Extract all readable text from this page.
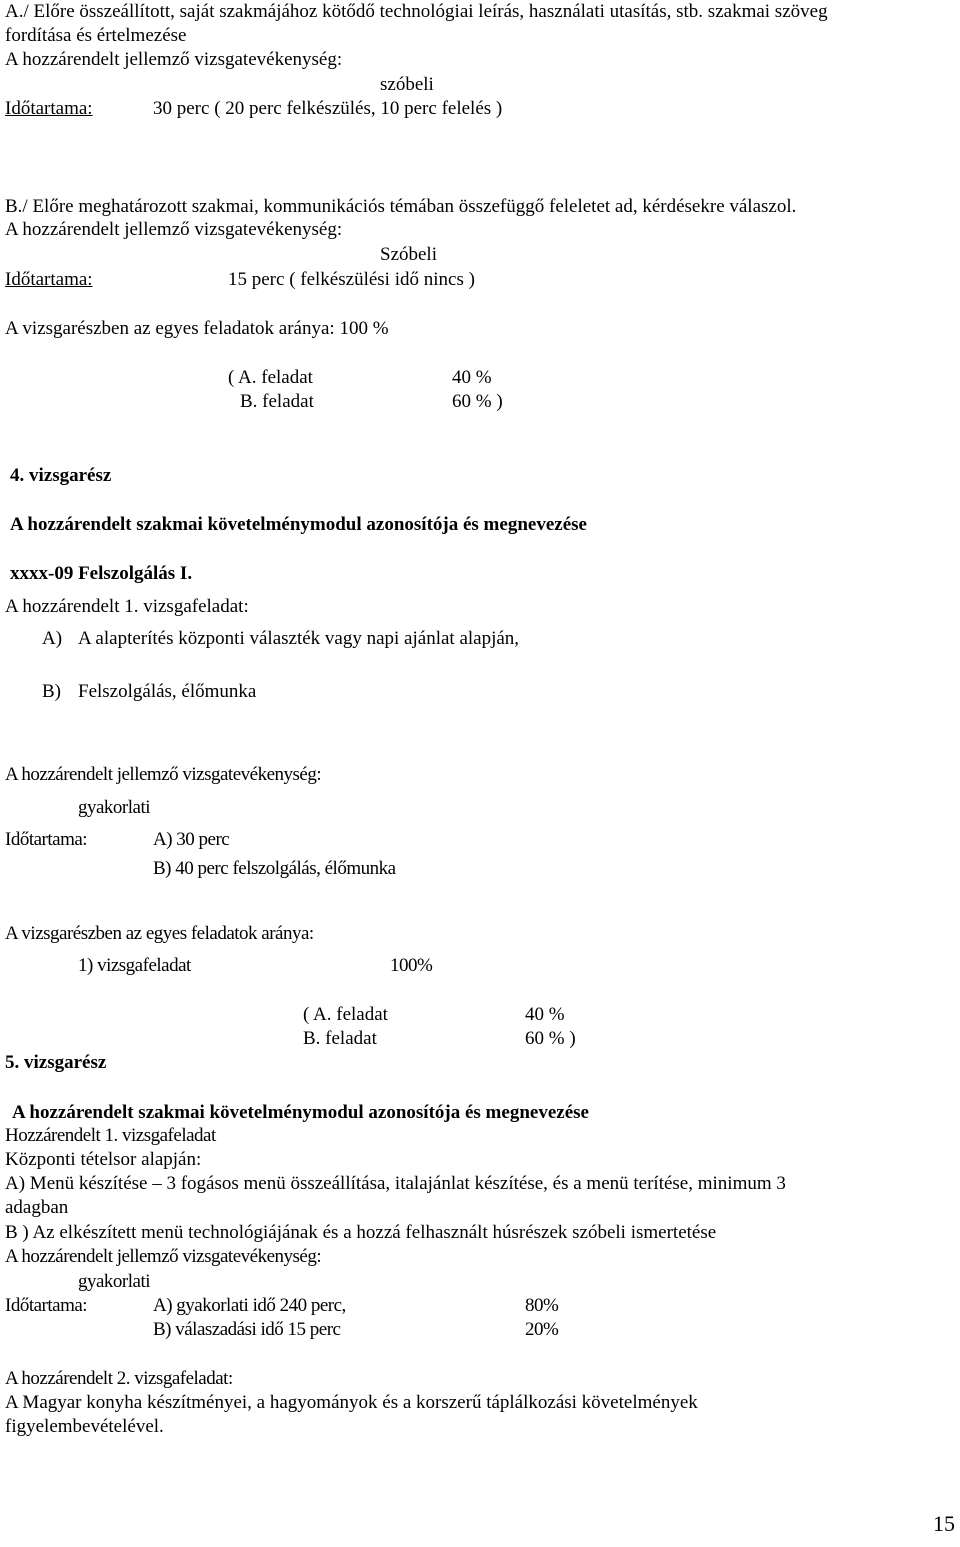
A./ Előre összeállított, saját szakmájához kötődő technológiai leírás, használati utasítás, stb. szakmai szöveg
fordítása és értelmezése
A hozzárendelt jellemző vizsgatevékenység:
szóbeli
Időtartama:	30 perc ( 20 perc felkészülés, 10 perc felelés )
B./ Előre meghatározott szakmai, kommunikációs témában összefüggő feleletet ad, kérdésekre válaszol.
A hozzárendelt jellemző vizsgatevékenység:
Szóbeli
Időtartama:	15 perc ( felkészülési idő nincs )
A vizsgarészben az egyes feladatok aránya: 100 %
( A. feladat	40 %
B. feladat	60 % )
4. vizsgarész
A hozzárendelt szakmai követelménymodul azonosítója és megnevezése
xxxx-09 Felszolgálás I.
A hozzárendelt 1. vizsgafeladat:
A) A alapterítés központi választék vagy napi ajánlat alapján,
B) Felszolgálás, élőmunka
A hozzárendelt jellemző vizsgatevékenység:
gyakorlati
Időtartama:	A) 30 perc
B) 40 perc felszolgálás, élőmunka
A vizsgarészben az egyes feladatok aránya:
1) vizsgafeladat	100%
( A. feladat	40 %
B. feladat	60 % )
5. vizsgarész
A hozzárendelt szakmai követelménymodul azonosítója és megnevezése
Hozzárendelt 1. vizsgafeladat
Központi tételsor alapján:
A) Menü készítése – 3 fogásos menü összeállítása, italajánlat készítése, és a menü terítése, minimum 3
adagban
B ) Az elkészített menü technológiájának és a hozzá felhasznált húsrészek szóbeli ismertetése
A hozzárendelt jellemző vizsgatevékenység:
gyakorlati
Időtartama:	A) gyakorlati idő 240 perc,	80%
B) válaszadási idő 15 perc	20%
A hozzárendelt 2. vizsgafeladat:
A Magyar konyha készítményei, a hagyományok és a korszerű táplálkozási követelmények
figyelembevételével.
15
